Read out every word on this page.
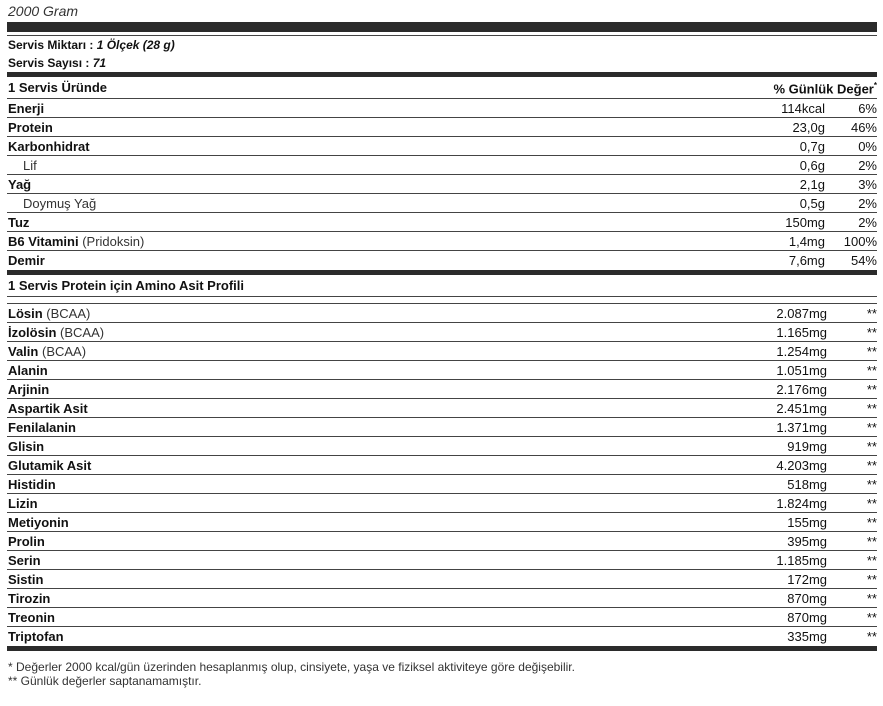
2000 Gram
Servis Miktarı : 1 Ölçek (28 g)
Servis Sayısı : 71
1 Servis Üründe	% Günlük Değer*
Enerji	114kcal	6%
Protein	23,0g	46%
Karbonhidrat	0,7g	0%
Lif	0,6g	2%
Yağ	2,1g	3%
Doymuş Yağ	0,5g	2%
Tuz	150mg	2%
B6 Vitamini (Pridoksin)	1,4mg	100%
Demir	7,6mg	54%
1 Servis Protein için Amino Asit Profili
Lösin (BCAA)	2.087mg	**
İzolösin (BCAA)	1.165mg	**
Valin (BCAA)	1.254mg	**
Alanin	1.051mg	**
Arjinin	2.176mg	**
Aspartik Asit	2.451mg	**
Fenilalanin	1.371mg	**
Glisin	919mg	**
Glutamik Asit	4.203mg	**
Histidin	518mg	**
Lizin	1.824mg	**
Metiyonin	155mg	**
Prolin	395mg	**
Serin	1.185mg	**
Sistin	172mg	**
Tirozin	870mg	**
Treonin	870mg	**
Triptofan	335mg	**
* Değerler 2000 kcal/gün üzerinden hesaplanmış olup, cinsiyete, yaşa ve fiziksel aktiviteye göre değişebilir.
** Günlük değerler saptanamamıştır.
